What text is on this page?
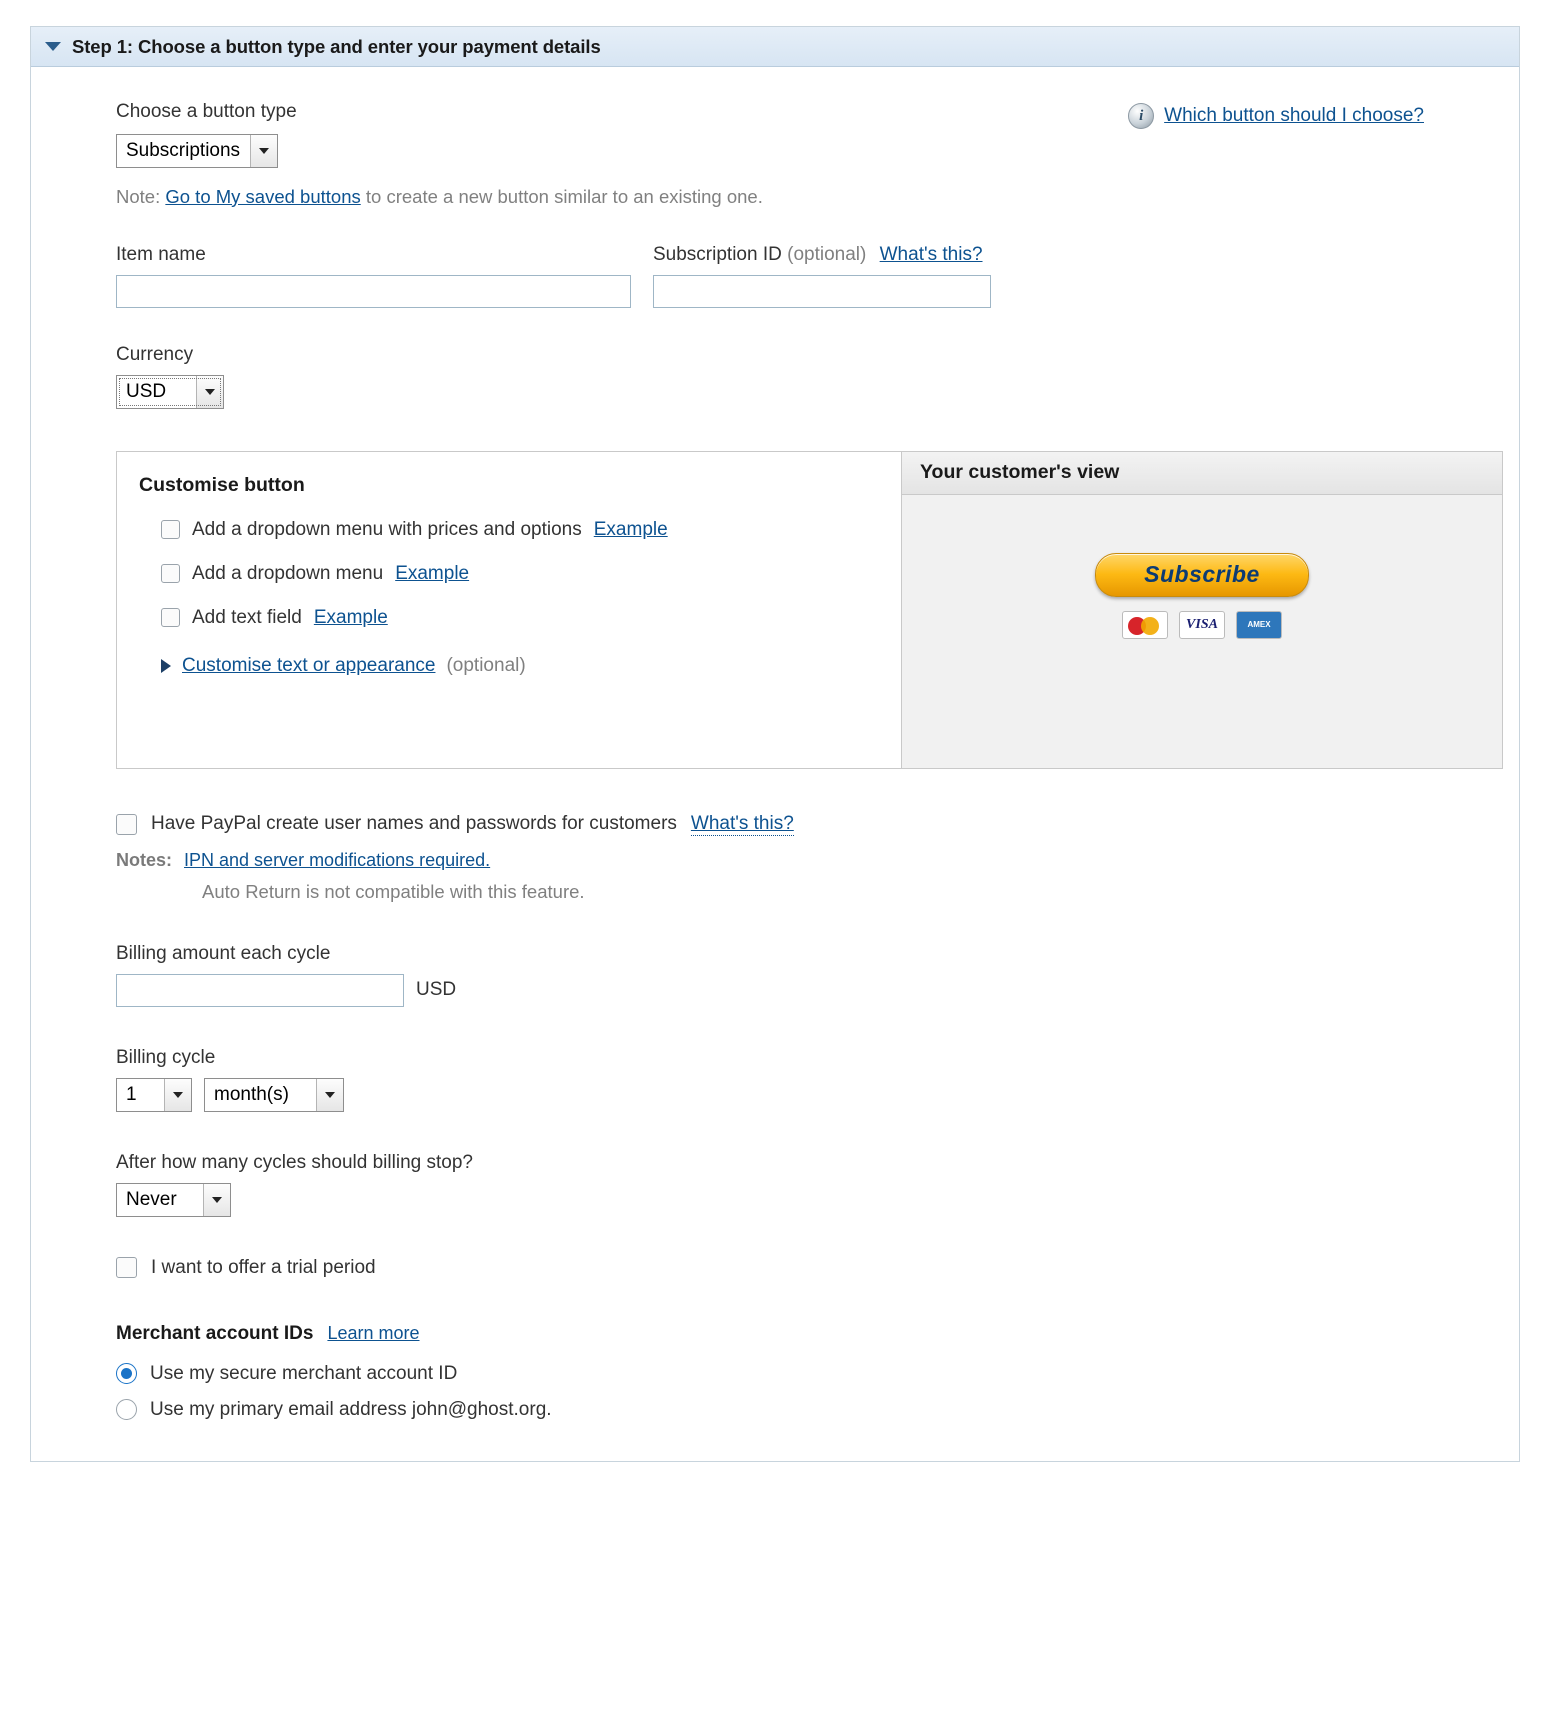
Step 1: Choose a button type and enter your payment details
Choose a button type
Subscriptions
i	Which button should I choose?
Note: Go to My saved buttons to create a new button similar to an existing one.
Item name	Subscription ID (optional) What's this?
Currency
USD
Customise button
Add a dropdown menu with prices and options Example
Add a dropdown menu Example
Add text field Example
Customise text or appearance (optional)
Your customer's view
Subscribe
VISA	AMEX
Have PayPal create user names and passwords for customers What's this?
Notes: IPN and server modifications required.
Auto Return is not compatible with this feature.
Billing amount each cycle
USD
Billing cycle
1	month(s)
After how many cycles should billing stop?
Never
I want to offer a trial period
Merchant account IDs Learn more
Use my secure merchant account ID
Use my primary email address john@ghost.org.
